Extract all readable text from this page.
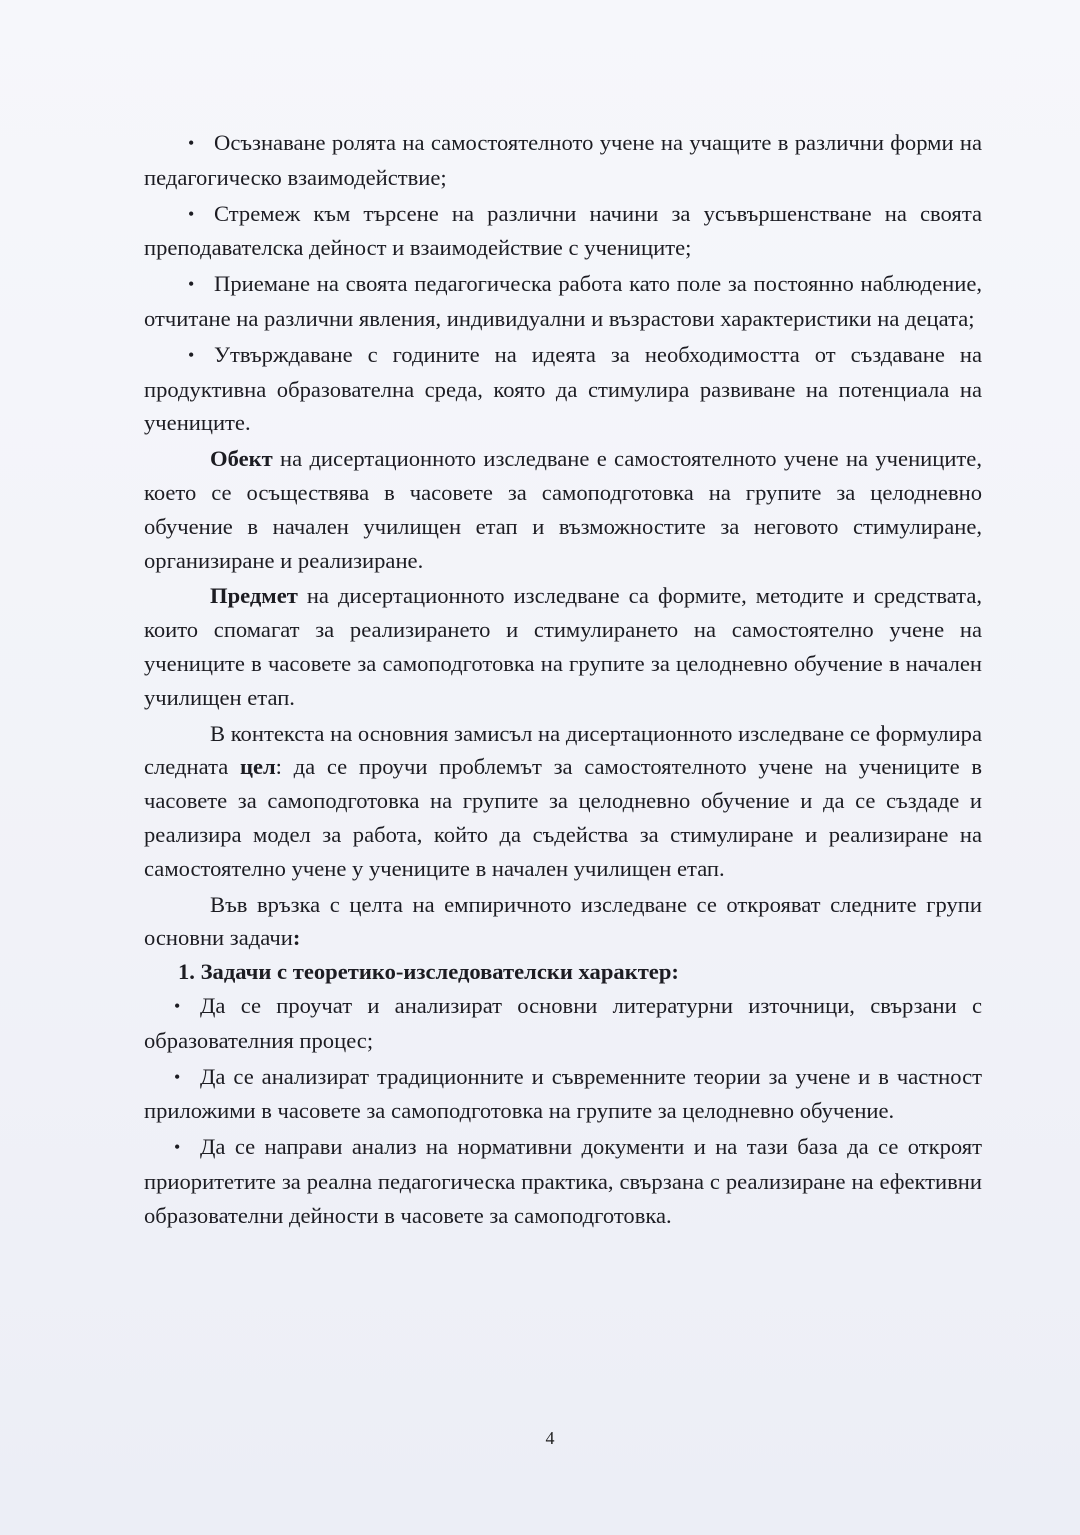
• Осъзнаване ролята на самостоятелното учене на учащите в различни форми на педагогическо взаимодействие;

• Стремеж към търсене на различни начини за усъвършенстване на своята преподавателска дейност и взаимодействие с учениците;

• Приемане на своята педагогическа работа като поле за постоянно наблюдение, отчитане на различни явления, индивидуални и възрастови характеристики на децата;

• Утвърждаване с годините на идеята за необходимостта от създаване на продуктивна образователна среда, която да стимулира развиване на потенциала на учениците.

Обект на дисертационното изследване е самостоятелното учене на учениците, което се осъществява в часовете за самоподготовка на групите за целодневно обучение в начален училищен етап и възможностите за неговото стимулиране, организиране и реализиране.

Предмет на дисертационното изследване са формите, методите и средствата, които спомагат за реализирането и стимулирането на самостоятелно учене на учениците в часовете за самоподготовка на групите за целодневно обучение в начален училищен етап.

В контекста на основния замисъл на дисертационното изследване се формулира следната цел: да се проучи проблемът за самостоятелното учене на учениците в часовете за самоподготовка на групите за целодневно обучение и да се създаде и реализира модел за работа, който да съдейства за стимулиране и реализиране на самостоятелно учене у учениците в начален училищен етап.

Във връзка с целта на емпиричното изследване се открояват следните групи основни задачи:

1. Задачи с теоретико-изследователски характер:

• Да се проучат и анализират основни литературни източници, свързани с образователния процес;

• Да се анализират традиционните и съвременните теории за учене и в частност приложими в часовете за самоподготовка на групите за целодневно обучение.

• Да се направи анализ на нормативни документи и на тази база да се откроят приоритетите за реална педагогическа практика, свързана с реализиране на ефективни образователни дейности в часовете за самоподготовка.

4
